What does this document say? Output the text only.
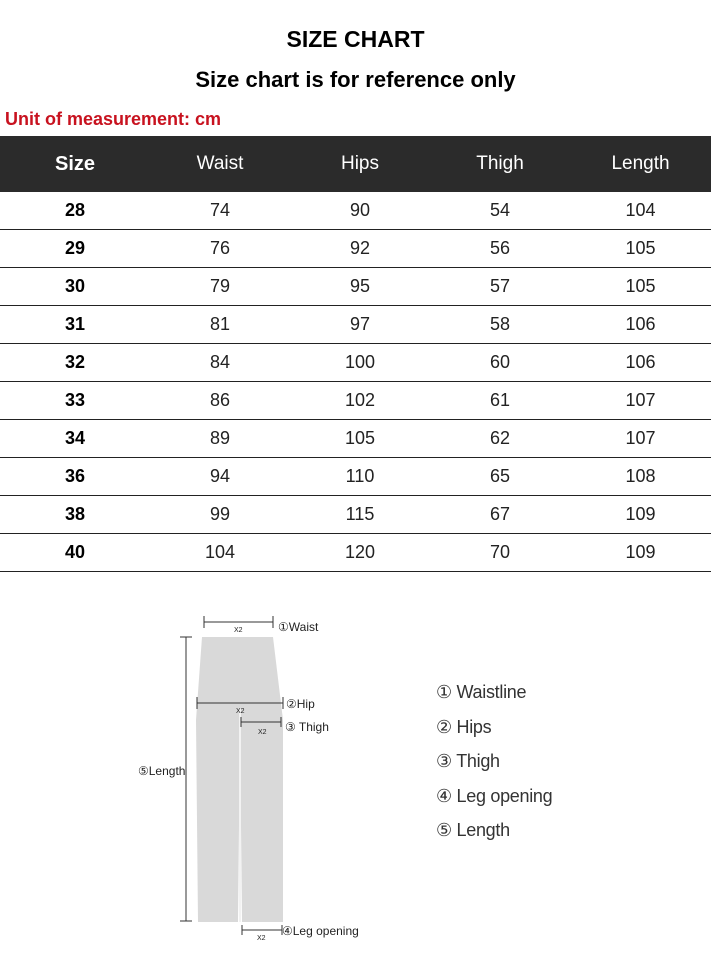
SIZE CHART
Size chart is for reference only
Unit of measurement: cm
Size	Waist	Hips	Thigh	Length
28	74	90	54	104
29	76	92	56	105
30	79	95	57	105
31	81	97	58	106
32	84	100	60	106
33	86	102	61	107
34	89	105	62	107
36	94	110	65	108
38	99	115	67	109
40	104	120	70	109
X2	①Waist
X2
②Hip
X2 ③ Thigh
⑤Length
X2
④Leg opening
① Waistline
② Hips
③ Thigh
④ Leg opening
⑤ Length
